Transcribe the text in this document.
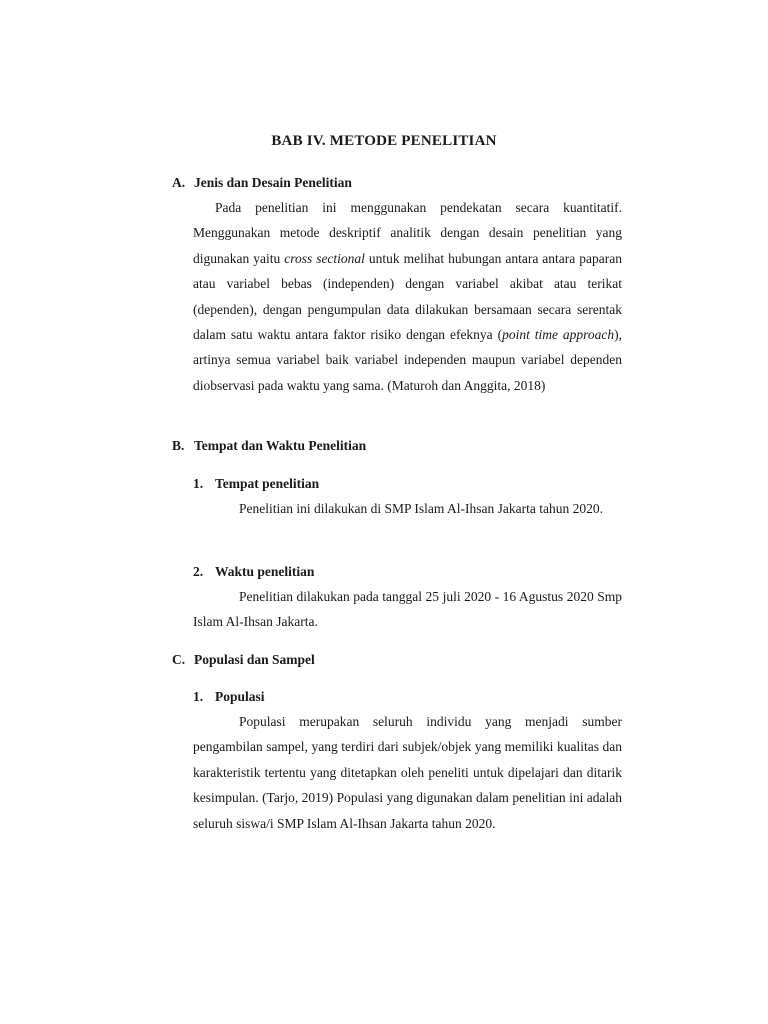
BAB IV. METODE PENELITIAN
A. Jenis dan Desain Penelitian
Pada penelitian ini menggunakan pendekatan secara kuantitatif. Menggunakan metode deskriptif analitik dengan desain penelitian yang digunakan yaitu cross sectional untuk melihat hubungan antara antara paparan atau variabel bebas (independen) dengan variabel akibat atau terikat (dependen), dengan pengumpulan data dilakukan bersamaan secara serentak dalam satu waktu antara faktor risiko dengan efeknya (point time approach), artinya semua variabel baik variabel independen maupun variabel dependen diobservasi pada waktu yang sama. (Maturoh dan Anggita, 2018)
B. Tempat dan Waktu Penelitian
1. Tempat penelitian
Penelitian ini dilakukan di SMP Islam Al-Ihsan Jakarta tahun 2020.
2. Waktu penelitian
Penelitian dilakukan pada tanggal 25 juli 2020 - 16 Agustus 2020 Smp Islam Al-Ihsan Jakarta.
C. Populasi dan Sampel
1. Populasi
Populasi merupakan seluruh individu yang menjadi sumber pengambilan sampel, yang terdiri dari subjek/objek yang memiliki kualitas dan karakteristik tertentu yang ditetapkan oleh peneliti untuk dipelajari dan ditarik kesimpulan. (Tarjo, 2019) Populasi yang digunakan dalam penelitian ini adalah seluruh siswa/i SMP Islam Al-Ihsan Jakarta tahun 2020.
